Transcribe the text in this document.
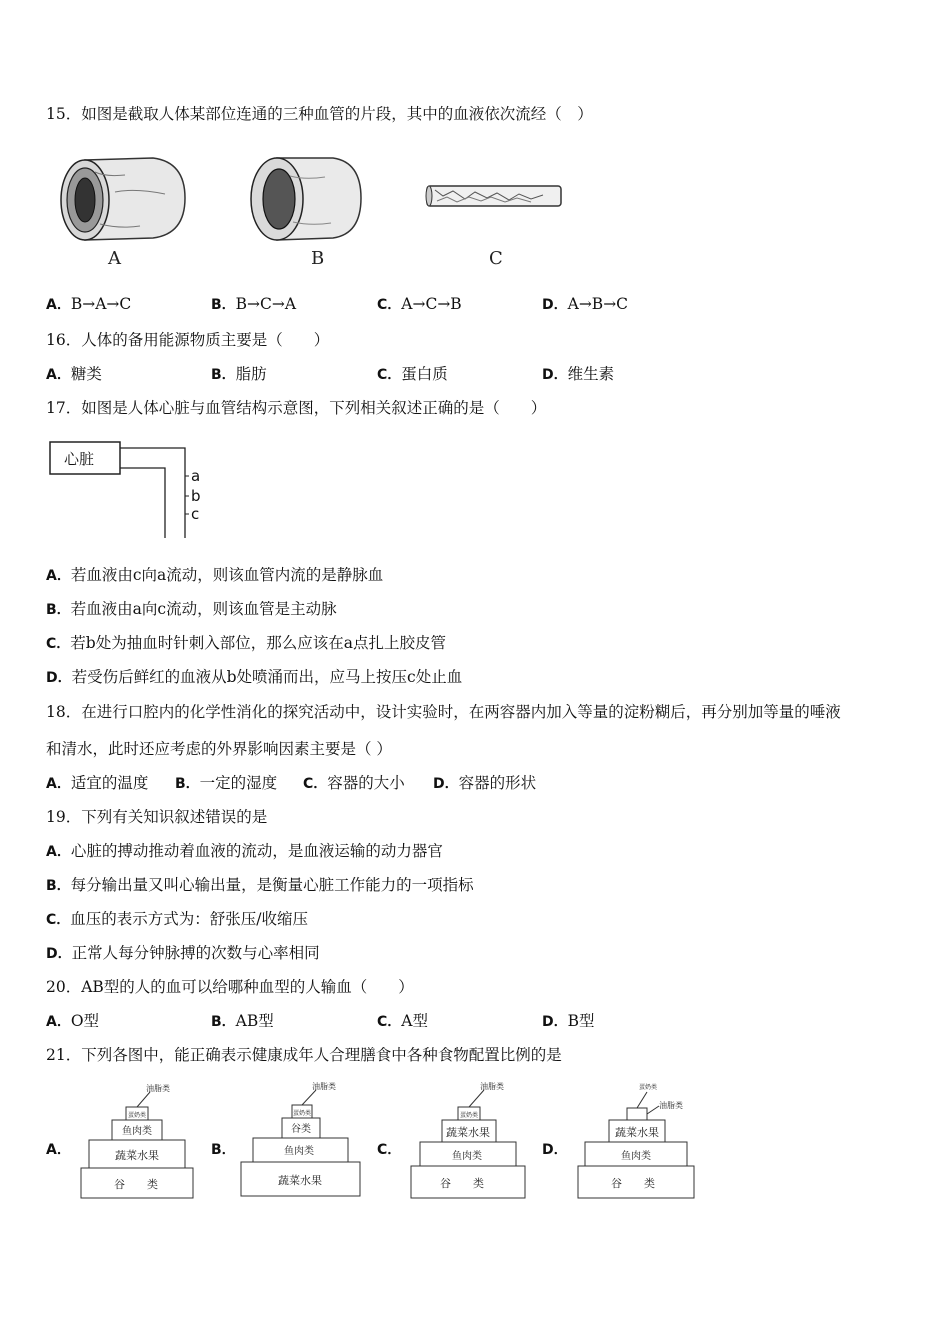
15．如图是截取人体某部位连通的三种血管的片段，其中的血液依次流经（　）
A	B	C
A．B→A→C	B．B→C→A	C．A→C→B	D．A→B→C
16．人体的备用能源物质主要是（　　）
A．糖类	B．脂肪	C．蛋白质	D．维生素
17．如图是人体心脏与血管结构示意图，下列相关叙述正确的是（　　）
心脏
a
b
c
A．若血液由c向a流动，则该血管内流的是静脉血
B．若血液由a向c流动，则该血管是主动脉
C．若b处为抽血时针刺入部位，那么应该在a点扎上胶皮管
D．若受伤后鲜红的血液从b处喷涌而出，应马上按压c处止血
18．在进行口腔内的化学性消化的探究活动中，设计实验时，在两容器内加入等量的淀粉糊后，再分别加等量的唾液
和清水，此时还应考虑的外界影响因素主要是（ ）
A．适宜的温度 B．一定的湿度 C．容器的大小 D．容器的形状
19．下列有关知识叙述错误的是
A．心脏的搏动推动着血液的流动，是血液运输的动力器官
B．每分输出量又叫心输出量，是衡量心脏工作能力的一项指标
C．血压的表示方式为：舒张压/收缩压
D．正常人每分钟脉搏的次数与心率相同
20．AB型的人的血可以给哪种血型的人输血（　　）
A．O型	B．AB型	C．A型	D．B型
21．下列各图中，能正确表示健康成年人合理膳食中各种食物配置比例的是
A．
谷　　类
蔬菜水果
鱼肉类
蛋奶类
油脂类
B．
蔬菜水果
鱼肉类
谷类
蛋奶类
油脂类
C．
谷　　类
鱼肉类
蔬菜水果
蛋奶类
油脂类
D．
谷　　类
鱼肉类
蔬菜水果
蛋奶类
油脂类
